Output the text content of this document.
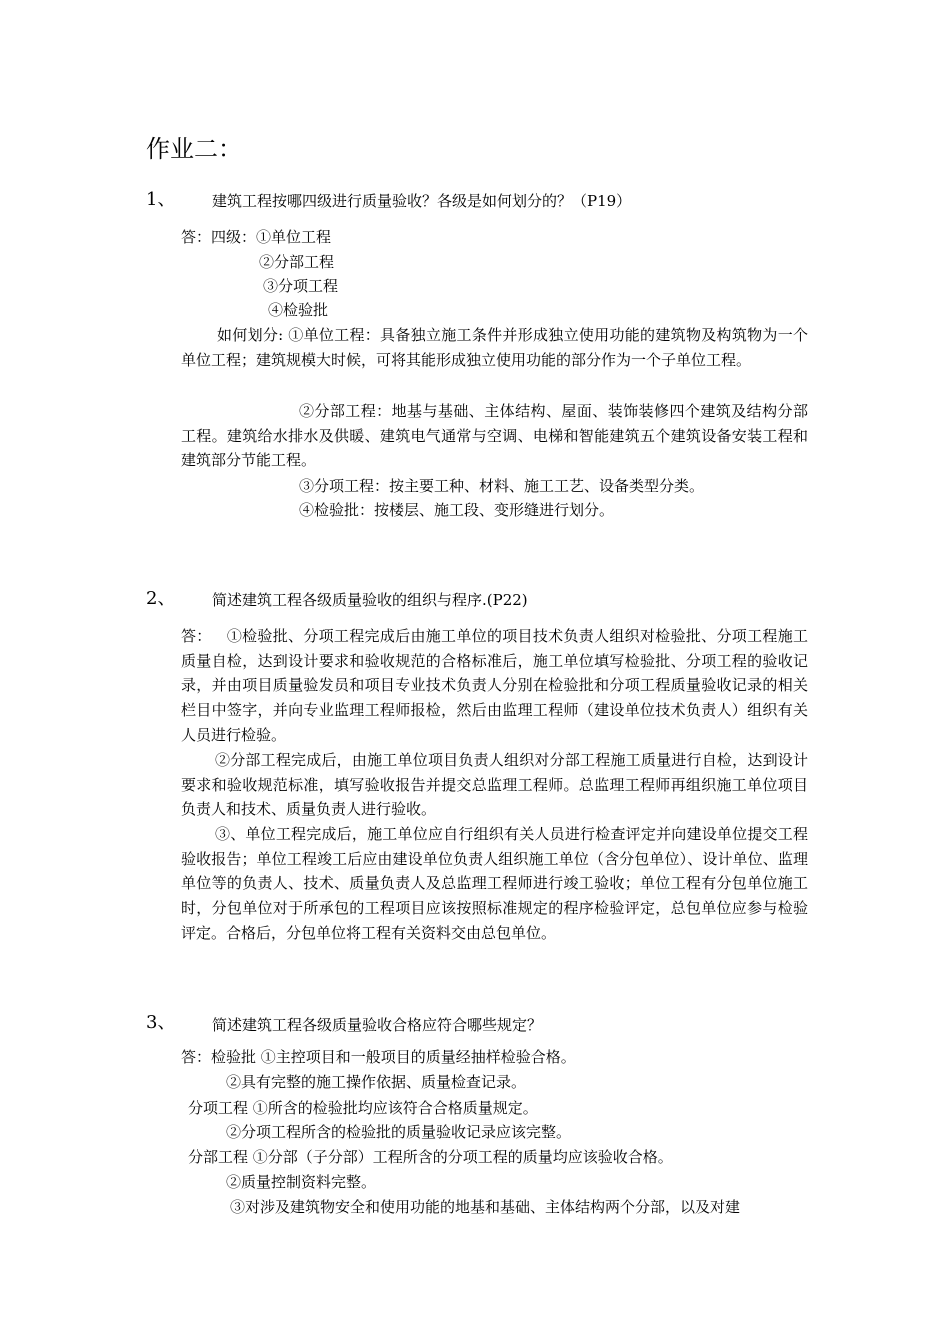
作业二：
1、 建筑工程按哪四级进行质量验收？各级是如何划分的？（P19）
答：四级：①单位工程
②分部工程
③分项工程
④检验批

如何划分: ①单位工程：具备独立施工条件并形成独立使用功能的建筑物及构筑物为一个单位工程；建筑规模大时候，可将其能形成独立使用功能的部分作为一个子单位工程。

②分部工程：地基与基础、主体结构、屋面、装饰装修四个建筑及结构分部工程。建筑给水排水及供暖、建筑电气通常与空调、电梯和智能建筑五个建筑设备安装工程和建筑部分节能工程。

③分项工程：按主要工种、材料、施工工艺、设备类型分类。
④检验批：按楼层、施工段、变形缝进行划分。
2、 简述建筑工程各级质量验收的组织与程序.(P22)

答：   ①检验批、分项工程完成后由施工单位的项目技术负责人组织对检验批、分项工程施工质量自检，达到设计要求和验收规范的合格标准后，施工单位填写检验批、分项工程的验收记录，并由项目质量验发员和项目专业技术负责人分别在检验批和分项工程质量验收记录的相关栏目中签字，并向专业监理工程师报检，然后由监理工程师（建设单位技术负责人）组织有关人员进行检验。

②分部工程完成后，由施工单位项目负责人组织对分部工程施工质量进行自检，达到设计要求和验收规范标准，填写验收报告并提交总监理工程师。总监理工程师再组织施工单位项目负责人和技术、质量负责人进行验收。

③、单位工程完成后，施工单位应自行组织有关人员进行检查评定并向建设单位提交工程验收报告；单位工程竣工后应由建设单位负责人组织施工单位（含分包单位）、设计单位、监理单位等的负责人、技术、质量负责人及总监理工程师进行竣工验收；单位工程有分包单位施工时，分包单位对于所承包的工程项目应该按照标准规定的程序检验评定，总包单位应参与检验评定。合格后，分包单位将工程有关资料交由总包单位。

3、 简述建筑工程各级质量验收合格应符合哪些规定？
答：检验批 ①主控项目和一般项目的质量经抽样检验合格。
②具有完整的施工操作依据、质量检查记录。
分项工程 ①所含的检验批均应该符合合格质量规定。
②分项工程所含的检验批的质量验收记录应该完整。
分部工程 ①分部（子分部）工程所含的分项工程的质量均应该验收合格。
②质量控制资料完整。
③对涉及建筑物安全和使用功能的地基和基础、主体结构两个分部，以及对建
